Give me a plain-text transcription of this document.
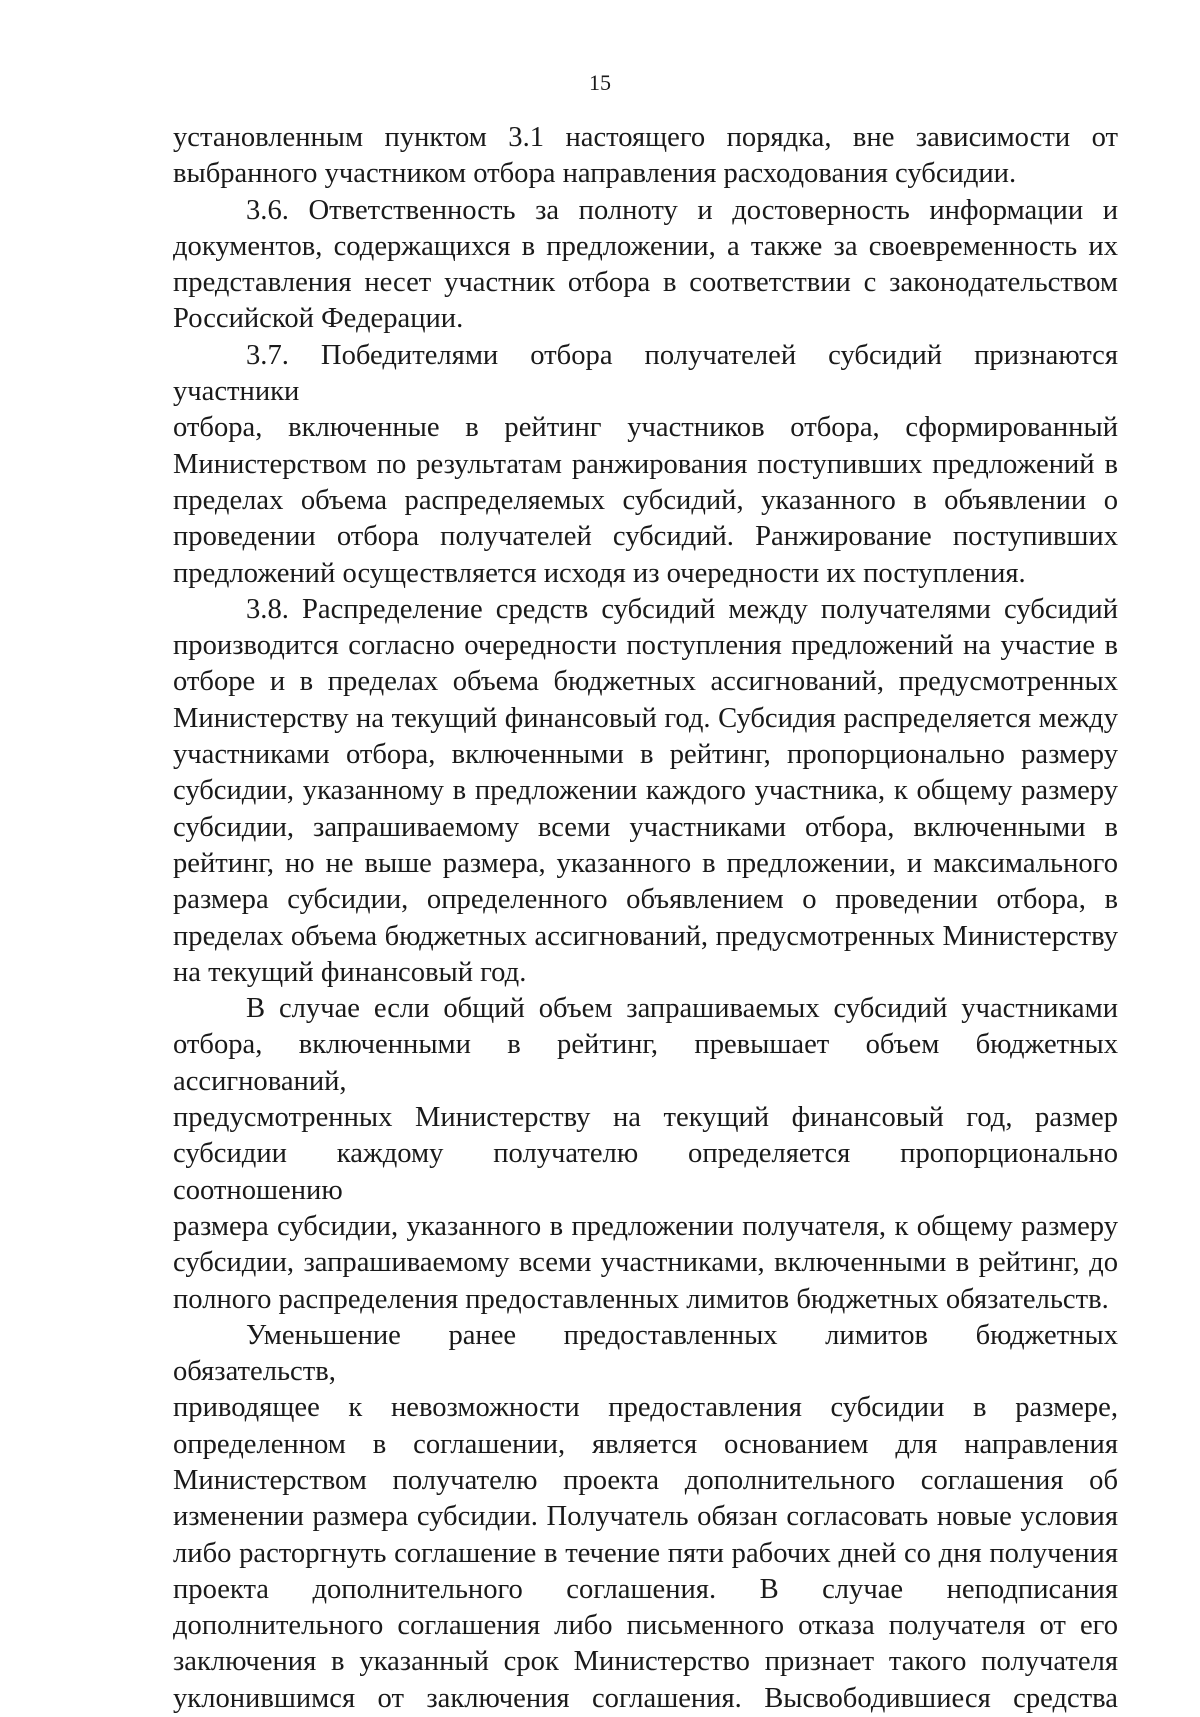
15
установленным пунктом 3.1 настоящего порядка, вне зависимости от
выбранного участником отбора направления расходования субсидии.
3.6. Ответственность за полноту и достоверность информации и
документов, содержащихся в предложении, а также за своевременность их
представления несет участник отбора в соответствии с законодательством
Российской Федерации.
3.7. Победителями отбора получателей субсидий признаются участники
отбора, включенные в рейтинг участников отбора, сформированный
Министерством по результатам ранжирования поступивших предложений в
пределах объема распределяемых субсидий, указанного в объявлении о
проведении отбора получателей субсидий. Ранжирование поступивших
предложений осуществляется исходя из очередности их поступления.
3.8. Распределение средств субсидий между получателями субсидий
производится согласно очередности поступления предложений на участие в
отборе и в пределах объема бюджетных ассигнований, предусмотренных
Министерству на текущий финансовый год. Субсидия распределяется между
участниками отбора, включенными в рейтинг, пропорционально размеру
субсидии, указанному в предложении каждого участника, к общему размеру
субсидии, запрашиваемому всеми участниками отбора, включенными в
рейтинг, но не выше размера, указанного в предложении, и максимального
размера субсидии, определенного объявлением о проведении отбора, в
пределах объема бюджетных ассигнований, предусмотренных Министерству
на текущий финансовый год.
В случае если общий объем запрашиваемых субсидий участниками
отбора, включенными в рейтинг, превышает объем бюджетных ассигнований,
предусмотренных Министерству на текущий финансовый год, размер
субсидии каждому получателю определяется пропорционально соотношению
размера субсидии, указанного в предложении получателя, к общему размеру
субсидии, запрашиваемому всеми участниками, включенными в рейтинг, до
полного распределения предоставленных лимитов бюджетных обязательств.
Уменьшение ранее предоставленных лимитов бюджетных обязательств,
приводящее к невозможности предоставления субсидии в размере,
определенном в соглашении, является основанием для направления
Министерством получателю проекта дополнительного соглашения об
изменении размера субсидии. Получатель обязан согласовать новые условия
либо расторгнуть соглашение в течение пяти рабочих дней со дня получения
проекта дополнительного соглашения. В случае неподписания
дополнительного соглашения либо письменного отказа получателя от его
заключения в указанный срок Министерство признает такого получателя
уклонившимся от заключения соглашения. Высвободившиеся средства
